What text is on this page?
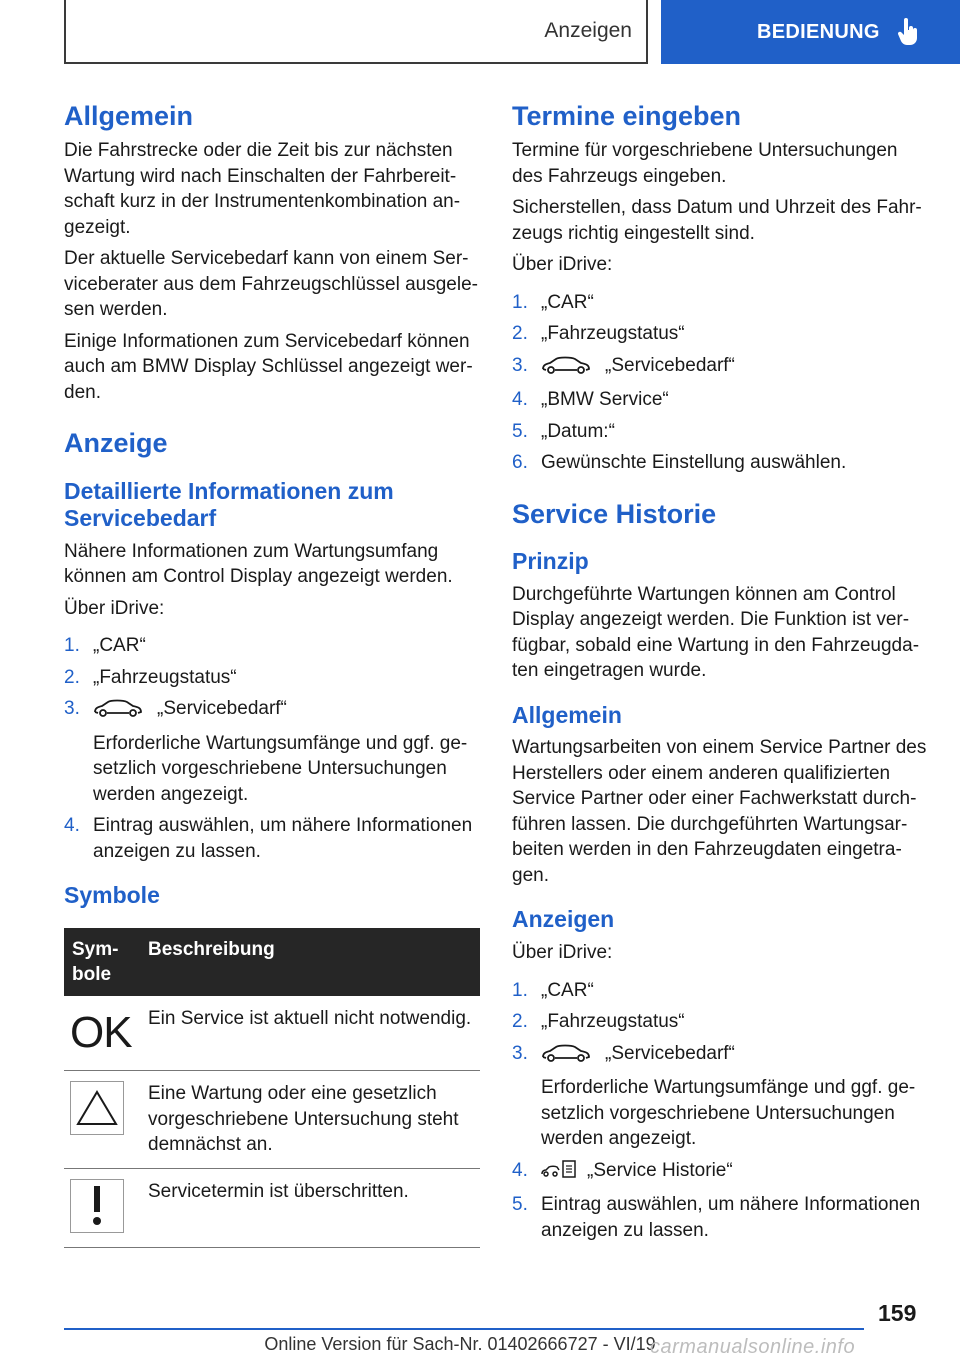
Anzeigen	BEDIENUNG
Allgemein

Die Fahrstrecke oder die Zeit bis zur nächsten Wartung wird nach Einschalten der Fahrbereitschaft kurz in der Instrumentenkombination angezeigt.

Der aktuelle Servicebedarf kann von einem Serviceberater aus dem Fahrzeugschlüssel ausgelesen werden.

Einige Informationen zum Servicebedarf können auch am BMW Display Schlüssel angezeigt werden.

Anzeige
Detaillierte Informationen zum Servicebedarf

Nähere Informationen zum Wartungsumfang können am Control Display angezeigt werden.

Über iDrive:

1. „CAR“
2. „Fahrzeugstatus“
3.	„Servicebedarf“
Erforderliche Wartungsumfänge und ggf. gesetzlich vorgeschriebene Untersuchungen werden angezeigt.
4. Eintrag auswählen, um nähere Informationen anzeigen zu lassen.
Symbole
Symbole	Beschreibung

OK	Ein Service ist aktuell nicht notwendig.

	Eine Wartung oder eine gesetzlich vorgeschriebene Untersuchung steht demnächst an.

	Servicetermin ist überschritten.
Termine eingeben

Termine für vorgeschriebene Untersuchungen des Fahrzeugs eingeben.

Sicherstellen, dass Datum und Uhrzeit des Fahrzeugs richtig eingestellt sind.

Über iDrive:

1. „CAR“
2. „Fahrzeugstatus“
3.	„Servicebedarf“
4. „BMW Service“
5. „Datum:“
6. Gewünschte Einstellung auswählen.
Service Historie
Prinzip

Durchgeführte Wartungen können am Control Display angezeigt werden. Die Funktion ist verfügbar, sobald eine Wartung in den Fahrzeugdaten eingetragen wurde.

Allgemein

Wartungsarbeiten von einem Service Partner des Herstellers oder einem anderen qualifizierten Service Partner oder einer Fachwerkstatt durchführen lassen. Die durchgeführten Wartungsarbeiten werden in den Fahrzeugdaten eingetragen.

Anzeigen

Über iDrive:

1. „CAR“
2. „Fahrzeugstatus“
3.	„Servicebedarf“
Erforderliche Wartungsumfänge und ggf. gesetzlich vorgeschriebene Untersuchungen werden angezeigt.
4.	„Service Historie“
5. Eintrag auswählen, um nähere Informationen anzeigen zu lassen.
159
Online Version für Sach-Nr. 01402666727 - VI/19
carmanualsonline.info
